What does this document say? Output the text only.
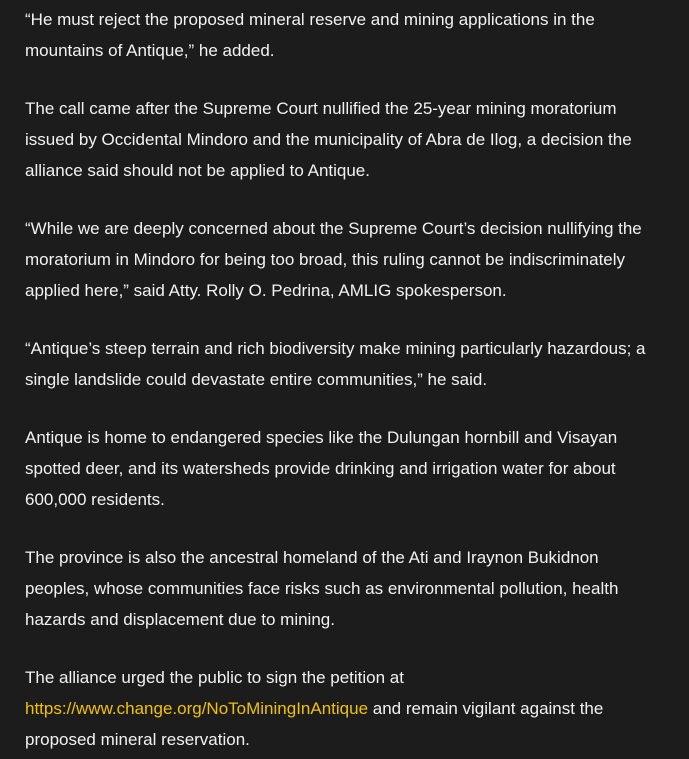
“He must reject the proposed mineral reserve and mining applications in the mountains of Antique,” he added.

The call came after the Supreme Court nullified the 25-year mining moratorium issued by Occidental Mindoro and the municipality of Abra de Ilog, a decision the alliance said should not be applied to Antique.

“While we are deeply concerned about the Supreme Court’s decision nullifying the moratorium in Mindoro for being too broad, this ruling cannot be indiscriminately applied here,” said Atty. Rolly O. Pedrina, AMLIG spokesperson.

“Antique’s steep terrain and rich biodiversity make mining particularly hazardous; a single landslide could devastate entire communities,” he said.

Antique is home to endangered species like the Dulungan hornbill and Visayan spotted deer, and its watersheds provide drinking and irrigation water for about 600,000 residents.

The province is also the ancestral homeland of the Ati and Iraynon Bukidnon peoples, whose communities face risks such as environmental pollution, health hazards and displacement due to mining.

The alliance urged the public to sign the petition at https://www.change.org/NoToMiningInAntique and remain vigilant against the proposed mineral reservation.
